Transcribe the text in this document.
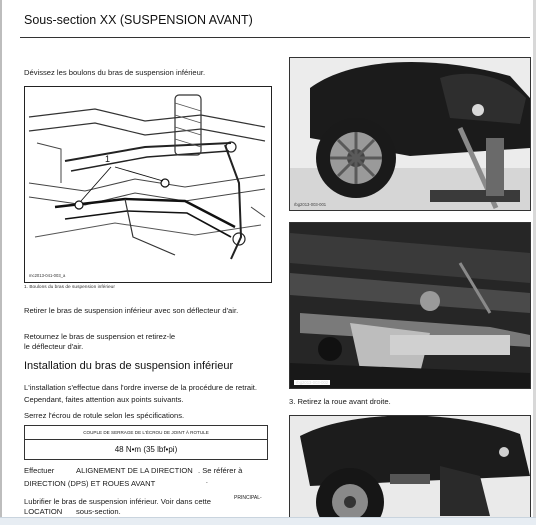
Sous-section XX (SUSPENSION AVANT)
Dévissez les boulons du bras de suspension inférieur.
1
mc2013-041-003_a
1. Boulons du bras de suspension inférieur
Retirer le bras de suspension inférieur avec son déflecteur d'air.
Retournez le bras de suspension et retirez-le
le déflecteur d'air.
Installation du bras de suspension inférieur
L'installation s'effectue dans l'ordre inverse de la procédure de retrait.
Cependant, faites attention aux points suivants.
Serrez l'écrou de rotule selon les spécifications.
COUPLE DE SERRAGE DE L'ÉCROU DE JOINT À ROTULE
48 N•m (35 lbf•pi)
Effectuer	ALIGNEMENT DE LA DIRECTION . Se référer à
DIRECTION (DPS) ET ROUES AVANT	-
Lubrifier le bras de suspension inférieur. Voir dans cette	PRINCIPAL-
LOCATION sous-section.
rbg2013-003-001
rbg2013-003-002
3. Retirez la roue avant droite.
